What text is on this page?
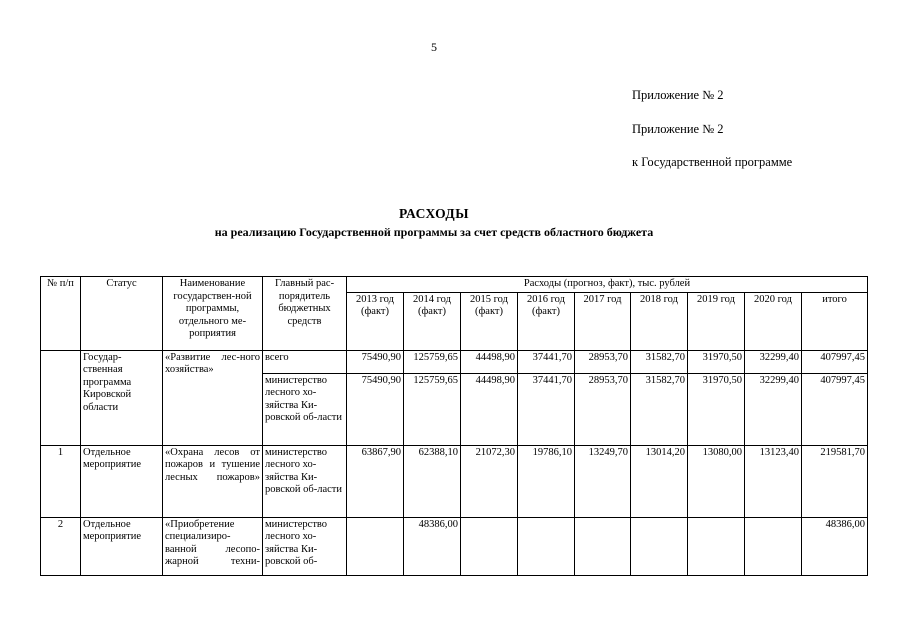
5
Приложение № 2
Приложение № 2
к Государственной программе
РАСХОДЫ
на реализацию Государственной программы за счет средств областного бюджета
№ п/п	Статус	Наименование государствен-ной программы, отдельного ме-роприятия	Главный рас-порядитель бюджетных средств	Расходы (прогноз, факт), тыс. рублей								
				2013 год (факт)	2014 год (факт)	2015 год (факт)	2016 год (факт)	2017 год	2018 год	2019 год	2020 год	итого
	Государ-ственная программа Кировской области	«Развитие лес-ного хозяйства»	всего	75490,90	125759,65	44498,90	37441,70	28953,70	31582,70	31970,50	32299,40	407997,45
			министерство лесного хо-зяйства Ки-ровской об-ласти	75490,90	125759,65	44498,90	37441,70	28953,70	31582,70	31970,50	32299,40	407997,45
1	Отдельное мероприятие	«Охрана лесов от пожаров и тушение лесных пожаров»	министерство лесного хо-зяйства Ки-ровской об-ласти	63867,90	62388,10	21072,30	19786,10	13249,70	13014,20	13080,00	13123,40	219581,70
2	Отдельное мероприятие	«Приобретение специализиро-ванной лесопо-жарной техни-	министерство лесного хо-зяйства Ки-ровской об-		48386,00							48386,00
